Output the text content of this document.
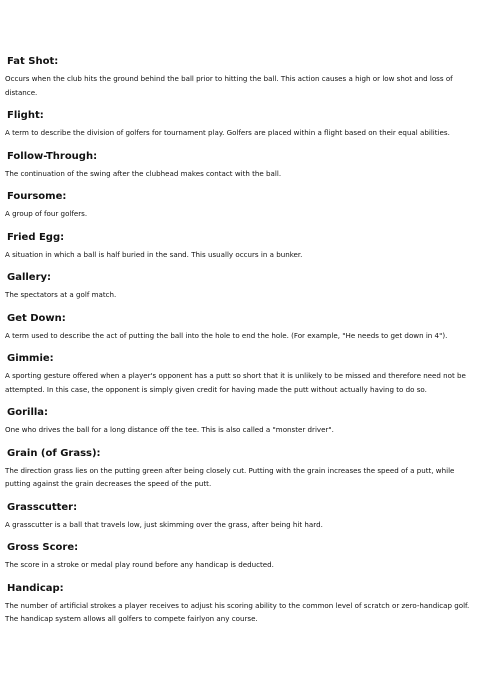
Fat Shot:

Occurs when the club hits the ground behind the ball prior to hitting the ball. This action causes a high or low shot and loss of distance.

Flight:

A term to describe the division of golfers for tournament play. Golfers are placed within a flight based on their equal abilities.

Follow-Through:

The continuation of the swing after the clubhead makes contact with the ball.

Foursome:

A group of four golfers.

Fried Egg:

A situation in which a ball is half buried in the sand. This usually occurs in a bunker.

Gallery:

The spectators at a golf match.

Get Down:

A term used to describe the act of putting the ball into the hole to end the hole. (For example, "He needs to get down in 4").

Gimmie:

A sporting gesture offered when a player's opponent has a putt so short that it is unlikely to be missed and therefore need not be attempted. In this case, the opponent is simply given credit for having made the putt without actually having to do so.

Gorilla:

One who drives the ball for a long distance off the tee. This is also called a "monster driver".

Grain (of Grass):

The direction grass lies on the putting green after being closely cut. Putting with the grain increases the speed of a putt, while putting against the grain decreases the speed of the putt.

Grasscutter:

A grasscutter is a ball that travels low, just skimming over the grass, after being hit hard.

Gross Score:

The score in a stroke or medal play round before any handicap is deducted.

Handicap:

The number of artificial strokes a player receives to adjust his scoring ability to the common level of scratch or zero-handicap golf. The handicap system allows all golfers to compete fairlyon any course.
